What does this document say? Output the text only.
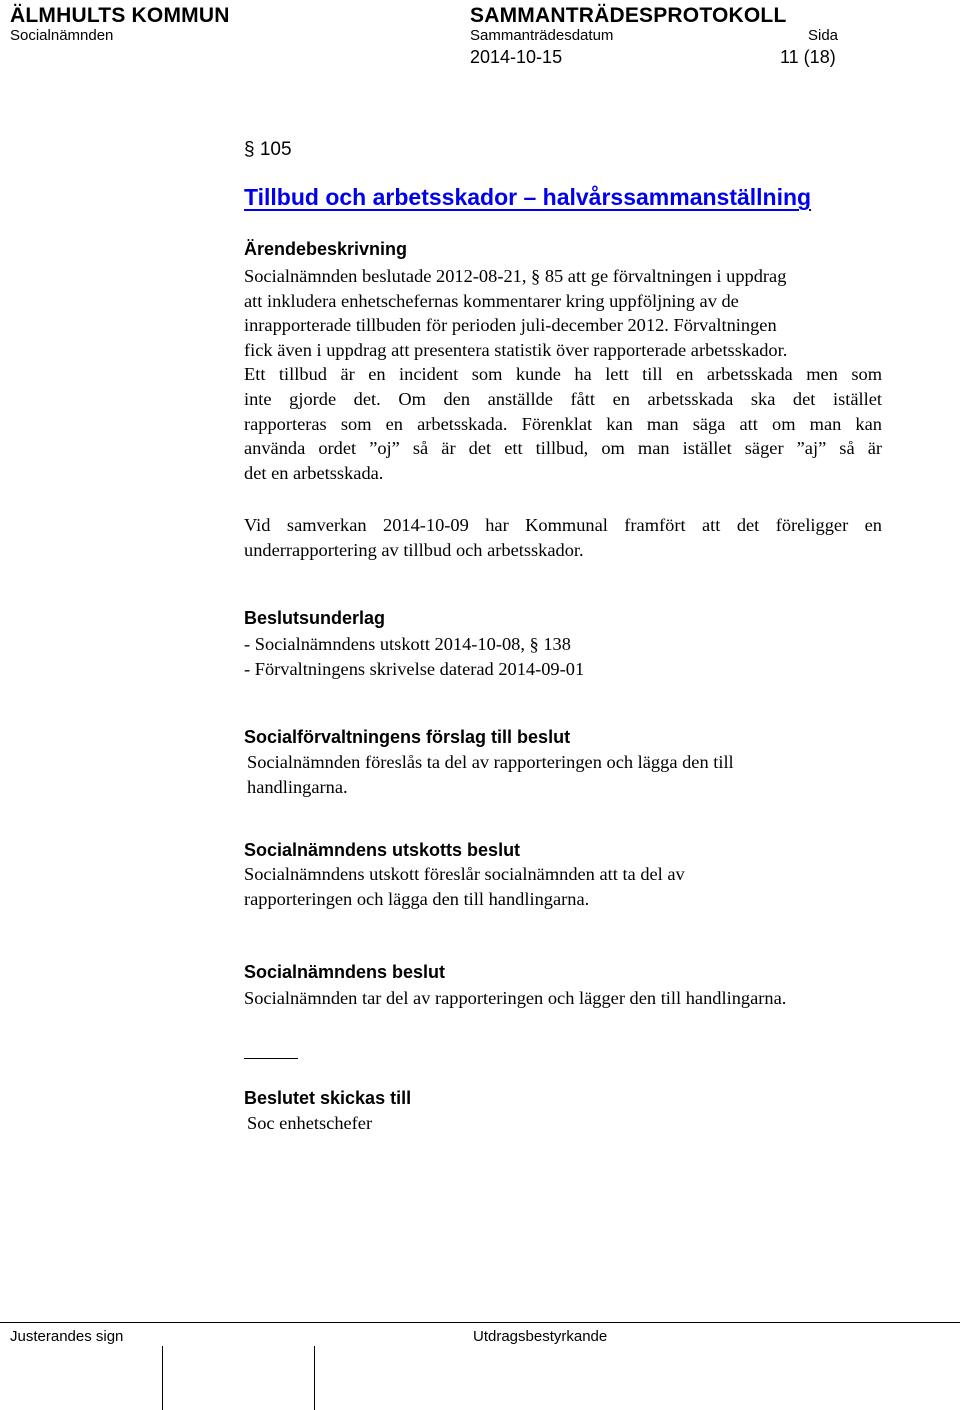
ÄLMHULTS KOMMUN	SAMMANTRÄDESPROTOKOLL
Socialnämnden	Sammanträdesdatum	Sida
2014-10-15	11 (18)
§ 105
Tillbud och arbetsskador – halvårssammanställning
Ärendebeskrivning
Socialnämnden beslutade 2012-08-21, § 85 att ge förvaltningen i uppdrag
att inkludera enhetschefernas kommentarer kring uppföljning av de
inrapporterade tillbuden för perioden juli-december 2012. Förvaltningen
fick även i uppdrag att presentera statistik över rapporterade arbetsskador.
Ett tillbud är en incident som kunde ha lett till en arbetsskada men som
inte gjorde det. Om den anställde fått en arbetsskada ska det istället
rapporteras som en arbetsskada. Förenklat kan man säga att om man kan
använda ordet ”oj” så är det ett tillbud, om man istället säger ”aj” så är
det en arbetsskada.
Vid samverkan 2014-10-09 har Kommunal framfört att det föreligger en
underrapportering av tillbud och arbetsskador.
Beslutsunderlag
- Socialnämndens utskott 2014-10-08, § 138
- Förvaltningens skrivelse daterad 2014-09-01
Socialförvaltningens förslag till beslut
Socialnämnden föreslås ta del av rapporteringen och lägga den till
handlingarna.
Socialnämndens utskotts beslut
Socialnämndens utskott föreslår socialnämnden att ta del av
rapporteringen och lägga den till handlingarna.
Socialnämndens beslut
Socialnämnden tar del av rapporteringen och lägger den till handlingarna.
Beslutet skickas till
Soc enhetschefer
Justerandes sign	Utdragsbestyrkande
